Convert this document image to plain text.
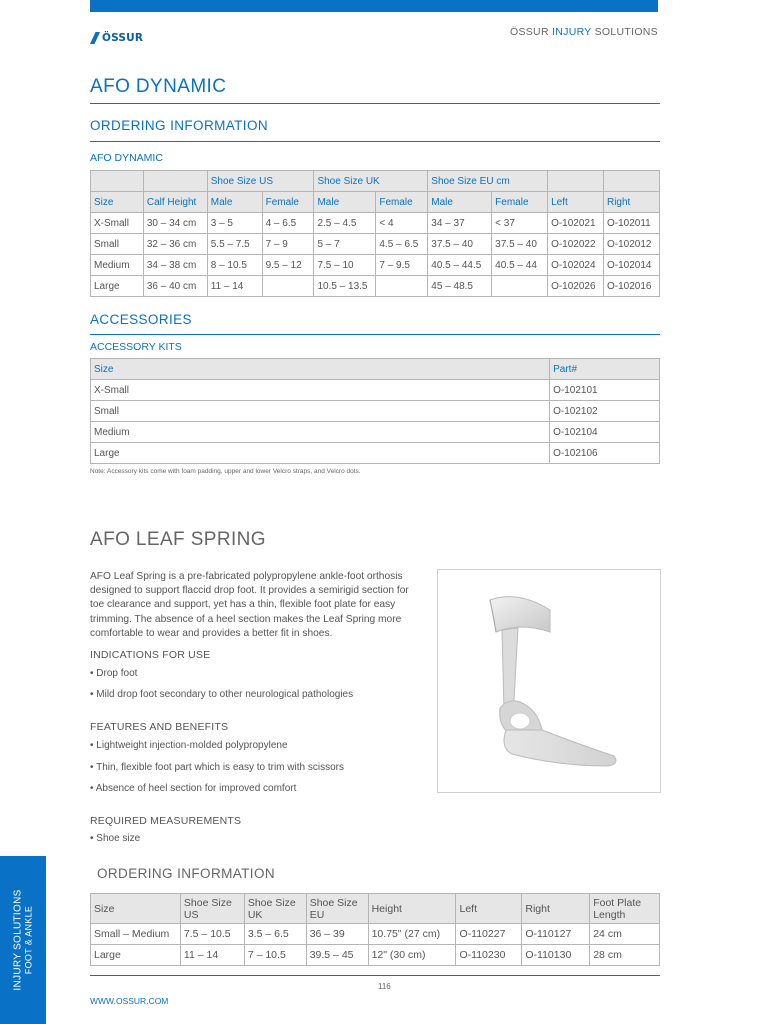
ÖSSUR	ÖSSUR INJURY SOLUTIONS
AFO DYNAMIC
ORDERING INFORMATION
AFO DYNAMIC
		Shoe Size US		Shoe Size UK		Shoe Size EU cm			
Size	Calf Height	Male	Female	Male	Female	Male	Female	Left	Right
X-Small	30 – 34 cm	3 – 5	4 – 6.5	2.5 – 4.5	< 4	34 – 37	< 37	O-102021	O-102011
Small	32 – 36 cm	5.5 – 7.5	7 – 9	5 – 7	4.5 – 6.5	37.5 – 40	37.5 – 40	O-102022	O-102012
Medium	34 – 38 cm	8 – 10.5	9.5 – 12	7.5 – 10	7 – 9.5	40.5 – 44.5	40.5 – 44	O-102024	O-102014
Large	36 – 40 cm	11 – 14		10.5 – 13.5		45 – 48.5		O-102026	O-102016
ACCESSORIES
ACCESSORY KITS
Size	Part#
X-Small	O-102101
Small	O-102102
Medium	O-102104
Large	O-102106
Note: Accessory kits come with foam padding, upper and lower Velcro straps, and Velcro dots.
AFO LEAF SPRING
AFO Leaf Spring is a pre-fabricated polypropylene ankle-foot orthosis designed to support flaccid drop foot. It provides a semirigid section for toe clearance and support, yet has a thin, flexible foot plate for easy trimming. The absence of a heel section makes the Leaf Spring more comfortable to wear and provides a better fit in shoes.
INDICATIONS FOR USE
• Drop foot
• Mild drop foot secondary to other neurological pathologies
FEATURES AND BENEFITS
• Lightweight injection-molded polypropylene
• Thin, flexible foot part which is easy to trim with scissors
• Absence of heel section for improved comfort
REQUIRED MEASUREMENTS
• Shoe size
ORDERING INFORMATION
Size	Shoe Size US	Shoe Size UK	Shoe Size EU	Height	Left	Right	Foot Plate Length
Small – Medium	7.5 – 10.5	3.5 – 6.5	36 – 39	10.75" (27 cm)	O-110227	O-110127	24 cm
Large	11 – 14	7 – 10.5	39.5 – 45	12" (30 cm)	O-110230	O-110130	28 cm
INJURY SOLUTIONS FOOT & ANKLE
116
WWW.OSSUR.COM
